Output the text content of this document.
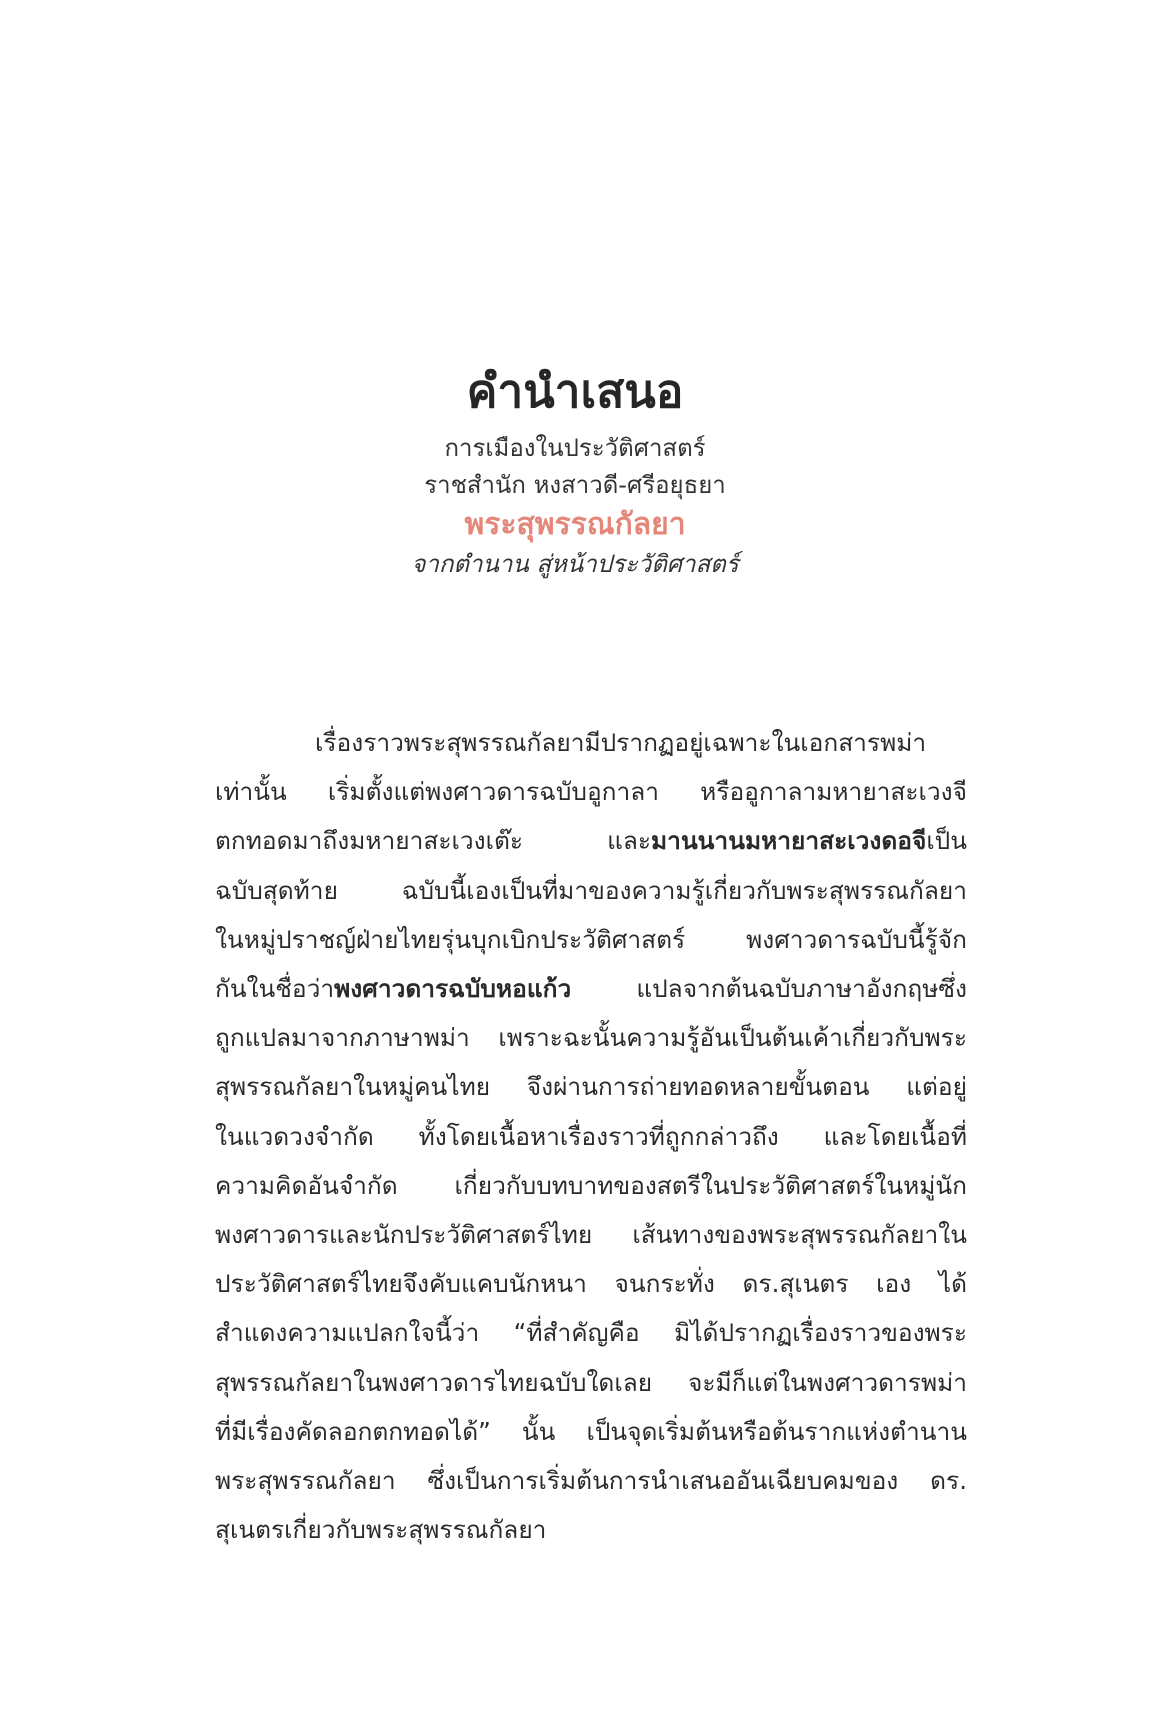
คำนำเสนอ
การเมืองในประวัติศาสตร์
ราชสำนัก หงสาวดี-ศรีอยุธยา
พระสุพรรณกัลยา
จากตำนาน สู่หน้าประวัติศาสตร์
เรื่องราวพระสุพรรณกัลยามีปรากฏอยู่เฉพาะในเอกสารพม่า
เท่านั้น เริ่มตั้งแต่พงศาวดารฉบับอูกาลา หรืออูกาลามหายาสะเวงจี
ตกทอดมาถึงมหายาสะเวงเต๊ะ และมานนานมหายาสะเวงดอจีเป็น
ฉบับสุดท้าย ฉบับนี้เองเป็นที่มาของความรู้เกี่ยวกับพระสุพรรณกัลยา
ในหมู่ปราชญ์ฝ่ายไทยรุ่นบุกเบิกประวัติศาสตร์ พงศาวดารฉบับนี้รู้จัก
กันในชื่อว่าพงศาวดารฉบับหอแก้ว แปลจากต้นฉบับภาษาอังกฤษซึ่ง
ถูกแปลมาจากภาษาพม่า เพราะฉะนั้นความรู้อันเป็นต้นเค้าเกี่ยวกับพระ
สุพรรณกัลยาในหมู่คนไทย จึงผ่านการถ่ายทอดหลายขั้นตอน แต่อยู่
ในแวดวงจำกัด ทั้งโดยเนื้อหาเรื่องราวที่ถูกกล่าวถึง และโดยเนื้อที่
ความคิดอันจำกัด เกี่ยวกับบทบาทของสตรีในประวัติศาสตร์ในหมู่นัก
พงศาวดารและนักประวัติศาสตร์ไทย เส้นทางของพระสุพรรณกัลยาใน
ประวัติศาสตร์ไทยจึงคับแคบนักหนา จนกระทั่ง ดร.สุเนตร เอง ได้
สำแดงความแปลกใจนี้ว่า “ที่สำคัญคือ มิได้ปรากฏเรื่องราวของพระ
สุพรรณกัลยาในพงศาวดารไทยฉบับใดเลย จะมีก็แต่ในพงศาวดารพม่า
ที่มีเรื่องคัดลอกตกทอดได้” นั้น เป็นจุดเริ่มต้นหรือต้นรากแห่งตำนาน
พระสุพรรณกัลยา ซึ่งเป็นการเริ่มต้นการนำเสนออันเฉียบคมของ ดร.
สุเนตรเกี่ยวกับพระสุพรรณกัลยา
